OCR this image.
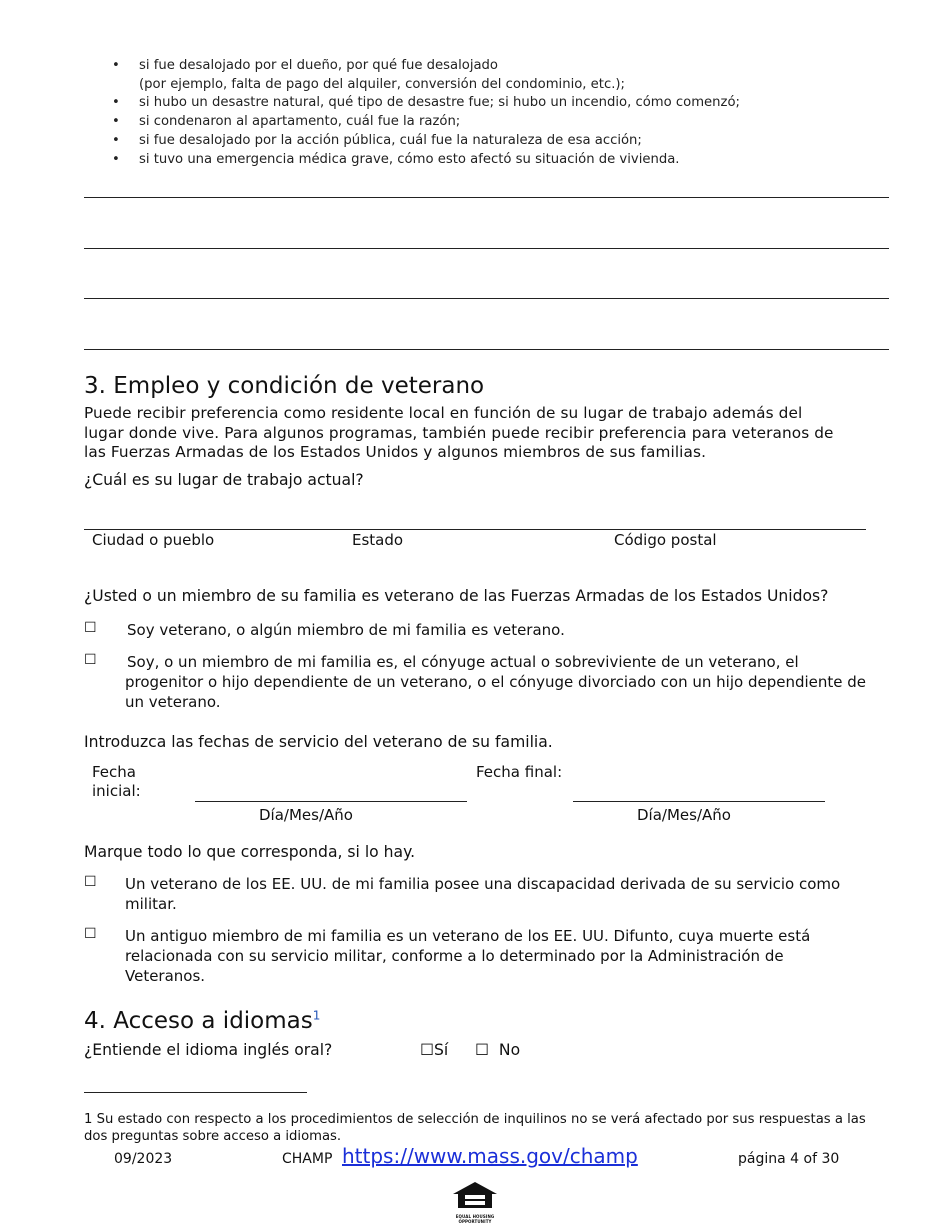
• si fue desalojado por el dueño, por qué fue desalojado
(por ejemplo, falta de pago del alquiler, conversión del condominio, etc.);
• si hubo un desastre natural, qué tipo de desastre fue; si hubo un incendio, cómo comenzó;
• si condenaron al apartamento, cuál fue la razón;
• si fue desalojado por la acción pública, cuál fue la naturaleza de esa acción;
• si tuvo una emergencia médica grave, cómo esto afectó su situación de vivienda.
3. Empleo y condición de veterano
Puede recibir preferencia como residente local en función de su lugar de trabajo además del lugar donde vive. Para algunos programas, también puede recibir preferencia para veteranos de las Fuerzas Armadas de los Estados Unidos y algunos miembros de sus familias.
¿Cuál es su lugar de trabajo actual?
Ciudad o pueblo	Estado	Código postal
¿Usted o un miembro de su familia es veterano de las Fuerzas Armadas de los Estados Unidos?
☐ Soy veterano, o algún miembro de mi familia es veterano.
☐ Soy, o un miembro de mi familia es, el cónyuge actual o sobreviviente de un veterano, el progenitor o hijo dependiente de un veterano, o el cónyuge divorciado con un hijo dependiente de un veterano.
Introduzca las fechas de servicio del veterano de su familia.
Fecha inicial:
Día/Mes/Año
Fecha final:
Día/Mes/Año
Marque todo lo que corresponda, si lo hay.
☐ Un veterano de los EE. UU. de mi familia posee una discapacidad derivada de su servicio como militar.
☐ Un antiguo miembro de mi familia es un veterano de los EE. UU. Difunto, cuya muerte está relacionada con su servicio militar, conforme a lo determinado por la Administración de Veteranos.
4. Acceso a idiomas$^1$
¿Entiende el idioma inglés oral?	☐Sí ☐ No
1 Su estado con respecto a los procedimientos de selección de inquilinos no se verá afectado por sus respuestas a las dos preguntas sobre acceso a idiomas.
09/2023	CHAMP https://www.mass.gov/champ	página 4 of 30
EQUAL HOUSING OPPORTUNITY
